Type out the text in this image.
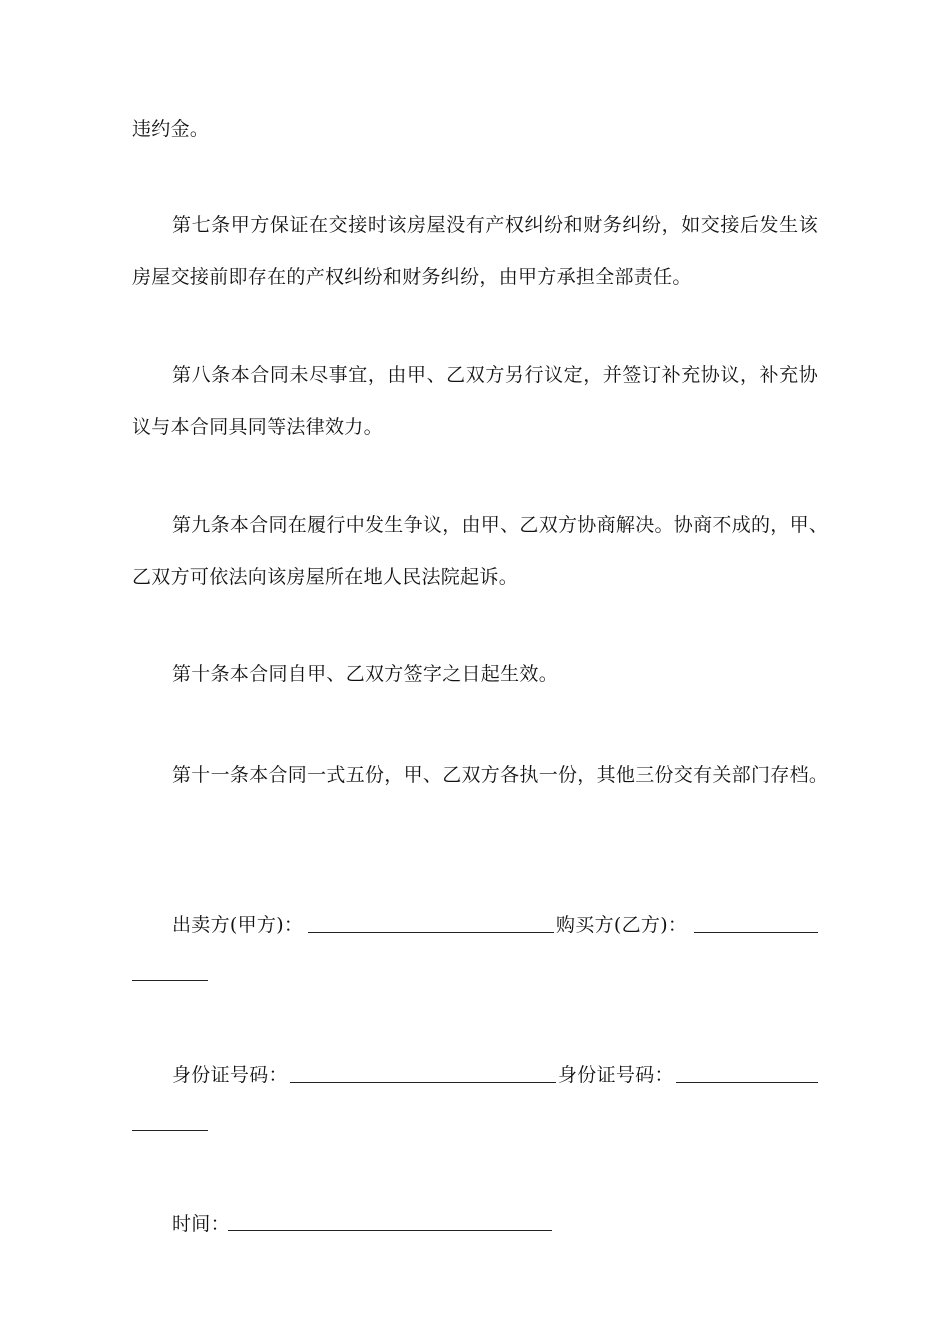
违约金。
第七条甲方保证在交接时该房屋没有产权纠纷和财务纠纷，如交接后发生该
房屋交接前即存在的产权纠纷和财务纠纷，由甲方承担全部责任。
第八条本合同未尽事宜，由甲、乙双方另行议定，并签订补充协议，补充协
议与本合同具同等法律效力。
第九条本合同在履行中发生争议，由甲、乙双方协商解决。协商不成的，甲、
乙双方可依法向该房屋所在地人民法院起诉。
第十条本合同自甲、乙双方签字之日起生效。
第十一条本合同一式五份，甲、乙双方各执一份，其他三份交有关部门存档。
出卖方(甲方)：	购买方(乙方)：
身份证号码：	身份证号码：
时间：
